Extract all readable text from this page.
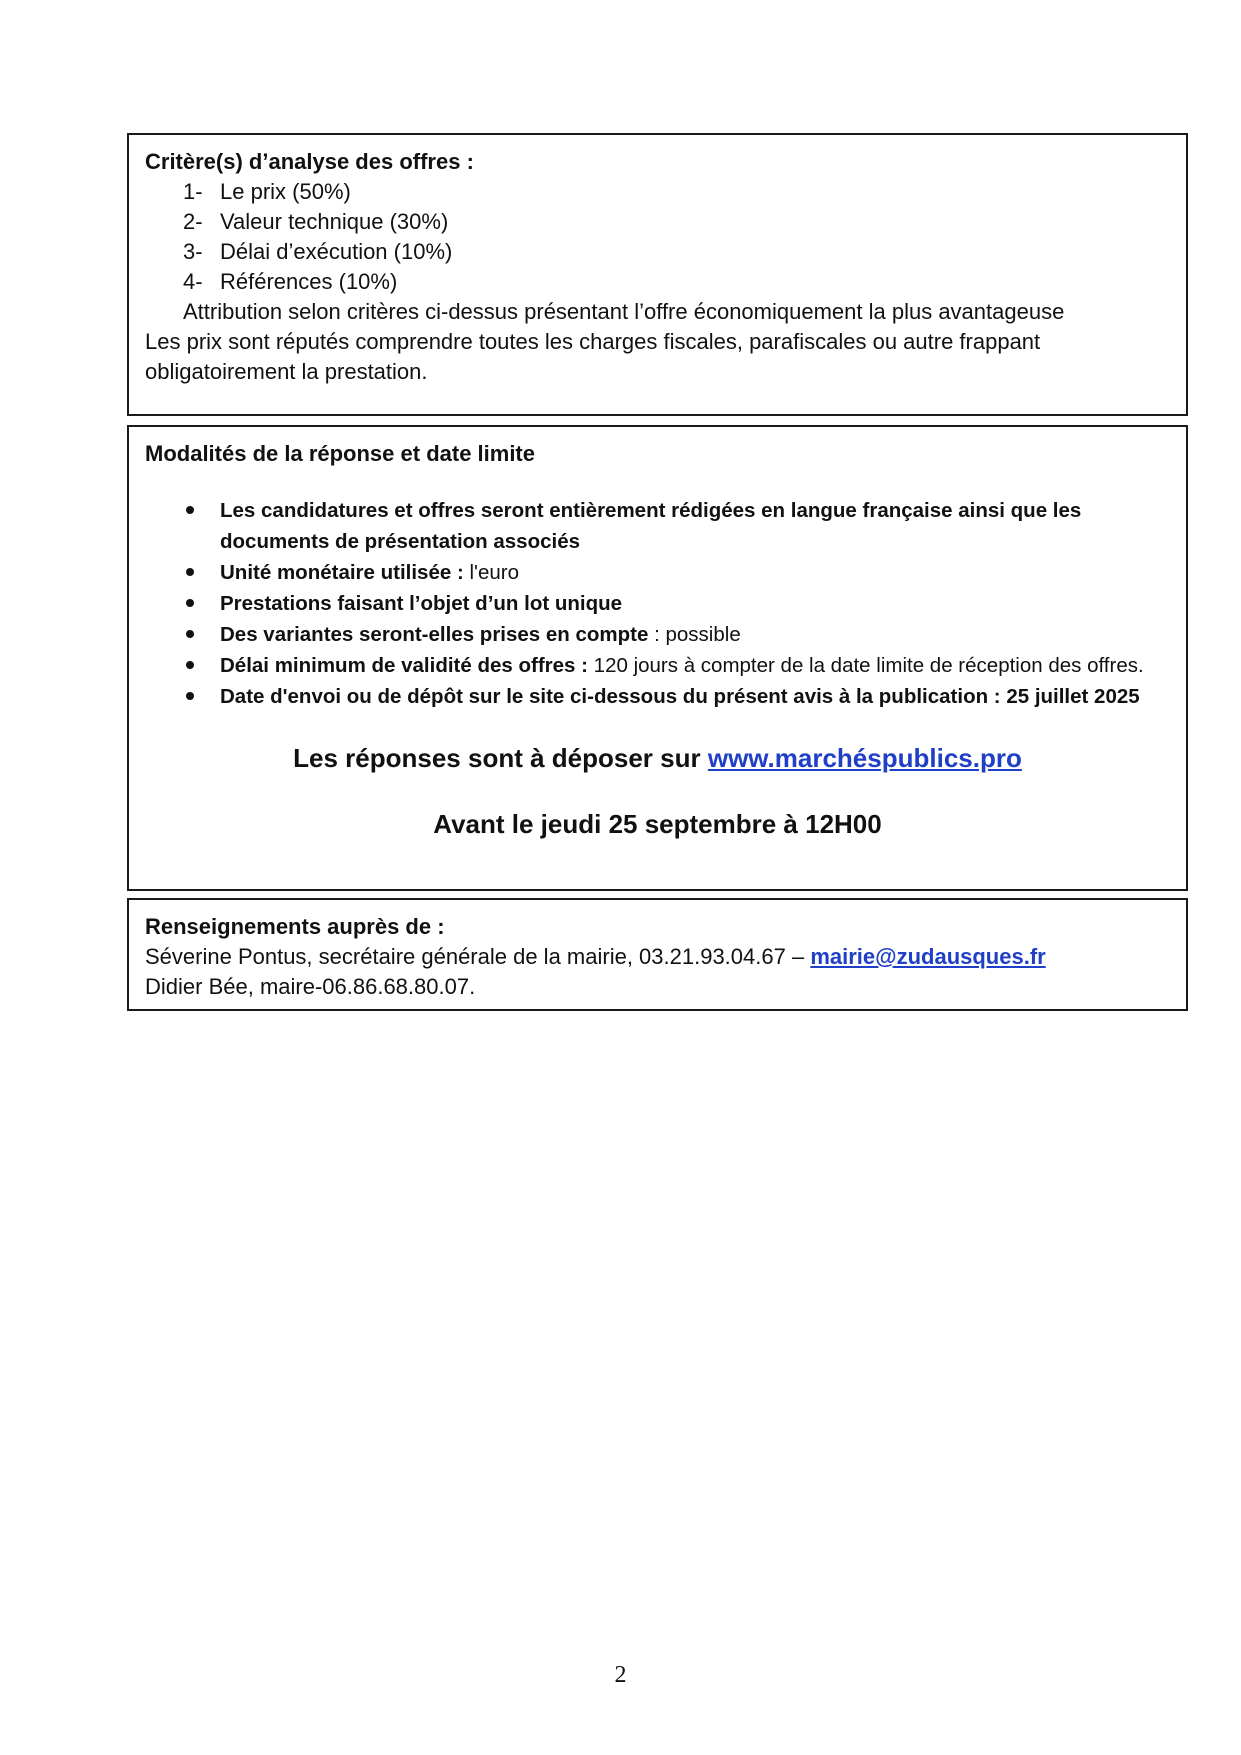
Critère(s) d’analyse des offres :
1- Le prix (50%)
2- Valeur technique (30%)
3- Délai d’exécution (10%)
4- Références (10%)
Attribution selon critères ci-dessus présentant l’offre économiquement la plus avantageuse
Les prix sont réputés comprendre toutes les charges fiscales, parafiscales ou autre frappant obligatoirement la prestation.
Modalités de la réponse et date limite
Les candidatures et offres seront entièrement rédigées en langue française ainsi que les documents de présentation associés
Unité monétaire utilisée : l'euro
Prestations faisant l’objet d’un lot unique
Des variantes seront-elles prises en compte : possible
Délai minimum de validité des offres : 120 jours à compter de la date limite de réception des offres.
Date d'envoi ou de dépôt sur le site ci-dessous du présent avis à la publication : 25 juillet 2025
Les réponses sont à déposer sur www.marchéspublics.pro
Avant le jeudi 25 septembre à 12H00
Renseignements auprès de :
Séverine Pontus, secrétaire générale de la mairie, 03.21.93.04.67 – mairie@zudausques.fr
Didier Bée, maire-06.86.68.80.07.
2
